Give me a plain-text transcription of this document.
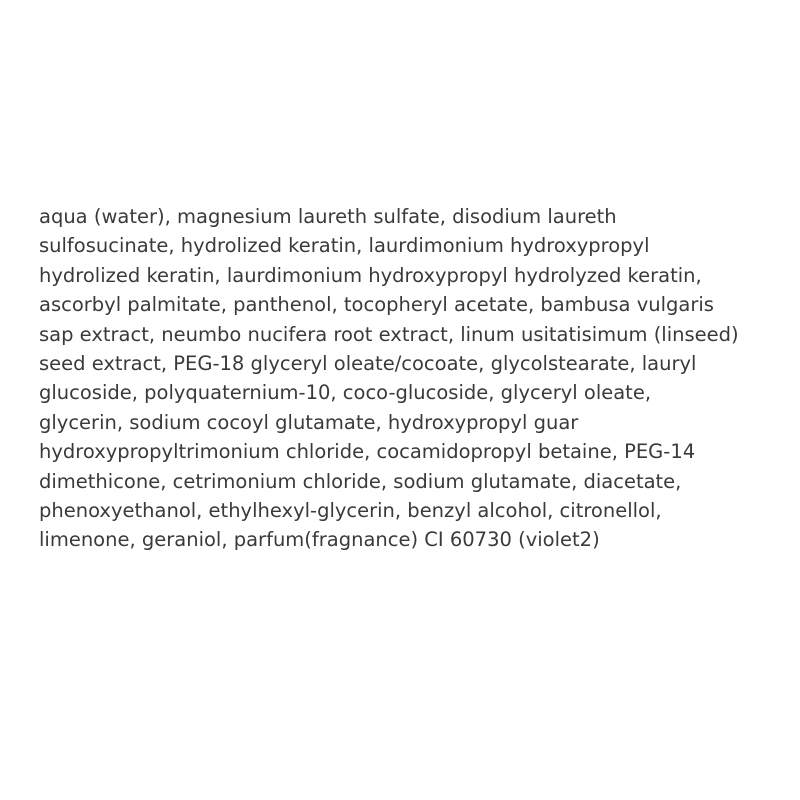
aqua (water), magnesium laureth sulfate, disodium laureth
sulfosucinate, hydrolized keratin, laurdimonium hydroxypropyl
hydrolized keratin, laurdimonium hydroxypropyl hydrolyzed keratin,
ascorbyl palmitate, panthenol, tocopheryl acetate, bambusa vulgaris
sap extract, neumbo nucifera root extract, linum usitatisimum (linseed)
seed extract, PEG-18 glyceryl oleate/cocoate, glycolstearate, lauryl
glucoside, polyquaternium-10, coco-glucoside, glyceryl oleate,
glycerin, sodium cocoyl glutamate, hydroxypropyl guar
hydroxypropyltrimonium chloride, cocamidopropyl betaine, PEG-14
dimethicone, cetrimonium chloride, sodium glutamate, diacetate,
phenoxyethanol, ethylhexyl-glycerin, benzyl alcohol, citronellol,
limenone, geraniol, parfum(fragnance) CI 60730 (violet2)
